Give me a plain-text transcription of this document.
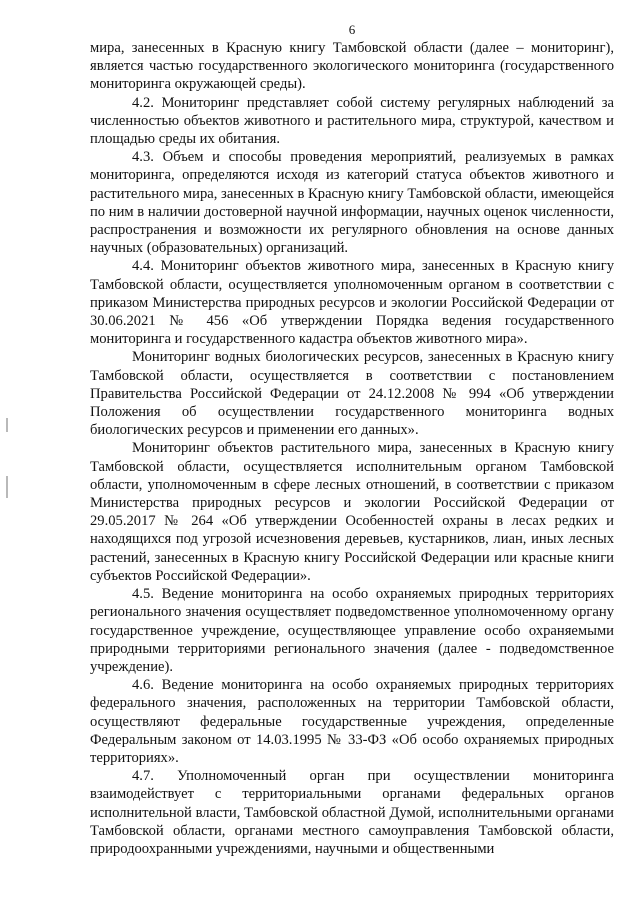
6

мира, занесенных в Красную книгу Тамбовской области (далее – мониторинг), является частью государственного экологического мониторинга (государственного мониторинга окружающей среды).

4.2. Мониторинг представляет собой систему регулярных наблюдений за численностью объектов животного и растительного мира, структурой, качеством и площадью среды их обитания.

4.3. Объем и способы проведения мероприятий, реализуемых в рамках мониторинга, определяются исходя из категорий статуса объектов животного и растительного мира, занесенных в Красную книгу Тамбовской области, имеющейся по ним в наличии достоверной научной информации, научных оценок численности, распространения и возможности их регулярного обновления на основе данных научных (образовательных) организаций.

4.4. Мониторинг объектов животного мира, занесенных в Красную книгу Тамбовской области, осуществляется уполномоченным органом в соответствии с приказом Министерства природных ресурсов и экологии Российской Федерации от 30.06.2021 № 456 «Об утверждении Порядка ведения государственного мониторинга и государственного кадастра объектов животного мира».

Мониторинг водных биологических ресурсов, занесенных в Красную книгу Тамбовской области, осуществляется в соответствии с постановлением Правительства Российской Федерации от 24.12.2008 № 994 «Об утверждении Положения об осуществлении государственного мониторинга водных биологических ресурсов и применении его данных».

Мониторинг объектов растительного мира, занесенных в Красную книгу Тамбовской области, осуществляется исполнительным органом Тамбовской области, уполномоченным в сфере лесных отношений, в соответствии с приказом Министерства природных ресурсов и экологии Российской Федерации от 29.05.2017 № 264 «Об утверждении Особенностей охраны в лесах редких и находящихся под угрозой исчезновения деревьев, кустарников, лиан, иных лесных растений, занесенных в Красную книгу Российской Федерации или красные книги субъектов Российской Федерации».

4.5. Ведение мониторинга на особо охраняемых природных территориях регионального значения осуществляет подведомственное уполномоченному органу государственное учреждение, осуществляющее управление особо охраняемыми природными территориями регионального значения (далее - подведомственное учреждение).

4.6. Ведение мониторинга на особо охраняемых природных территориях федерального значения, расположенных на территории Тамбовской области, осуществляют федеральные государственные учреждения, определенные Федеральным законом от 14.03.1995 № 33-ФЗ «Об особо охраняемых природных территориях».

4.7. Уполномоченный орган при осуществлении мониторинга взаимодействует с территориальными органами федеральных органов исполнительной власти, Тамбовской областной Думой, исполнительными органами Тамбовской области, органами местного самоуправления Тамбовской области, природоохранными учреждениями, научными и общественными
